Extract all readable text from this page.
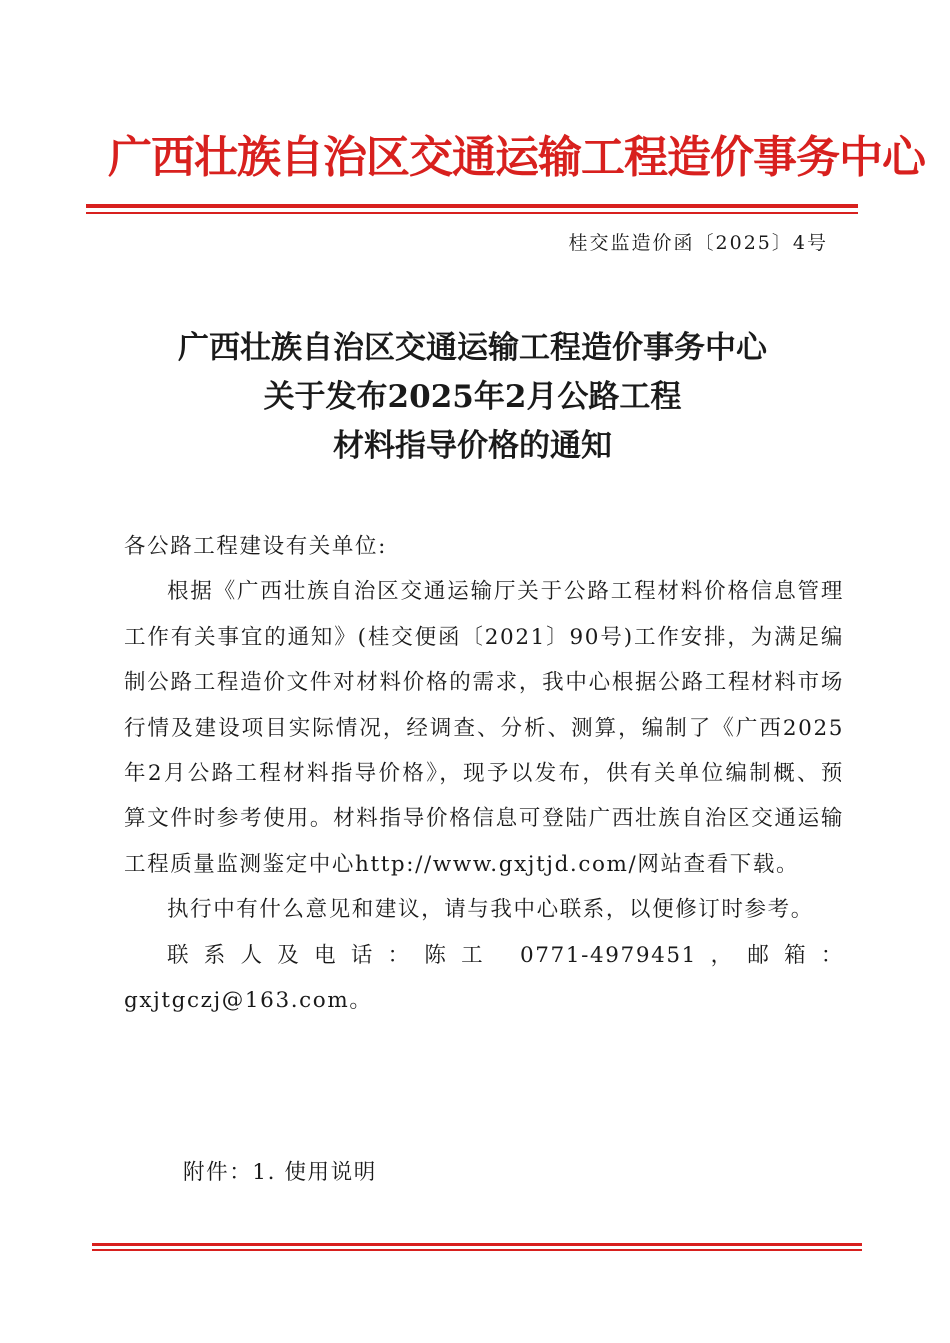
广西壮族自治区交通运输工程造价事务中心
桂交监造价函〔2025〕4号
广西壮族自治区交通运输工程造价事务中心
关于发布2025年2月公路工程
材料指导价格的通知

各公路工程建设有关单位:

根据《广西壮族自治区交通运输厅关于公路工程材料价格信息管理工作有关事宜的通知》(桂交便函〔2021〕90号)工作安排，为满足编制公路工程造价文件对材料价格的需求，我中心根据公路工程材料市场行情及建设项目实际情况，经调查、分析、测算，编制了《广西2025年2月公路工程材料指导价格》，现予以发布，供有关单位编制概、预算文件时参考使用。材料指导价格信息可登陆广西壮族自治区交通运输工程质量监测鉴定中心http://www.gxjtjd.com/网站查看下载。

执行中有什么意见和建议，请与我中心联系，以便修订时参考。

联系人及电话：陈工 0771-4979451，邮箱：gxjtgczj@163.com。

附件：1. 使用说明
